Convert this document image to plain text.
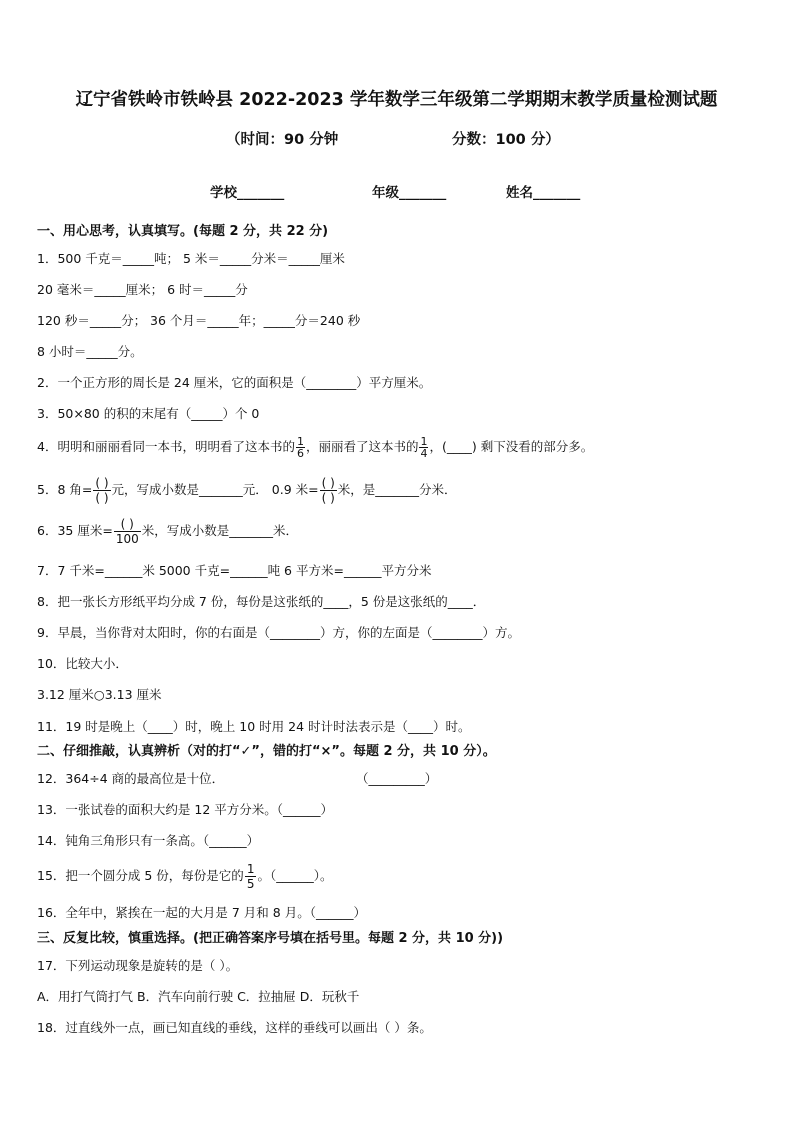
辽宁省铁岭市铁岭县 2022-2023 学年数学三年级第二学期期末教学质量检测试题
（时间：90 分钟	分数：100 分）
学校_______	年级_______	姓名_______
一、用心思考，认真填写。(每题 2 分，共 22 分)
1．500 千克＝_____吨； 5 米＝_____分米＝_____厘米
20 毫米＝_____厘米； 6 时＝_____分
120 秒＝_____分； 36 个月＝_____年；_____分＝240 秒
8 小时＝_____分。
2．一个正方形的周长是 24 厘米，它的面积是（________）平方厘米。
3．50×80 的积的末尾有（_____）个 0
4．明明和丽丽看同一本书，明明看了这本书的 $\frac{1}{6}$ ，丽丽看了这本书的 $\frac{1}{4}$ ，(____) 剩下没看的部分多。
5．8 角= $\frac{( )}{( )}$ 元，写成小数是_______元． 0.9 米= $\frac{( )}{( )}$ 米，是_______分米．
6．35 厘米= $\frac{( )}{100}$ 米，写成小数是_______米．
7．7 千米=______米 5000 千克=______吨 6 平方米=______平方分米
8．把一张长方形纸平均分成 7 份，每份是这张纸的____，5 份是这张纸的____．
9．早晨，当你背对太阳时，你的右面是（________）方，你的左面是（________）方。
10．比较大小．
3.12 厘米○3.13 厘米
11．19 时是晚上（____）时，晚上 10 时用 24 时计时法表示是（____）时。
二、仔细推敲，认真辨析（对的打“✓”，错的打“×”。每题 2 分，共 10 分）。
12．364÷4 商的最高位是十位．	（_________）
13．一张试卷的面积大约是 12 平方分米。（______）
14．钝角三角形只有一条高。（______）
15．把一个圆分成 5 份，每份是它的 $\frac{1}{5}$ 。（______）。
16．全年中，紧挨在一起的大月是 7 月和 8 月。（______）
三、反复比较，慎重选择。(把正确答案序号填在括号里。每题 2 分，共 10 分))
17．下列运动现象是旋转的是（ ）。
A．用打气筒打气 B．汽车向前行驶 C．拉抽屉 D．玩秋千
18．过直线外一点，画已知直线的垂线，这样的垂线可以画出（ ）条。
